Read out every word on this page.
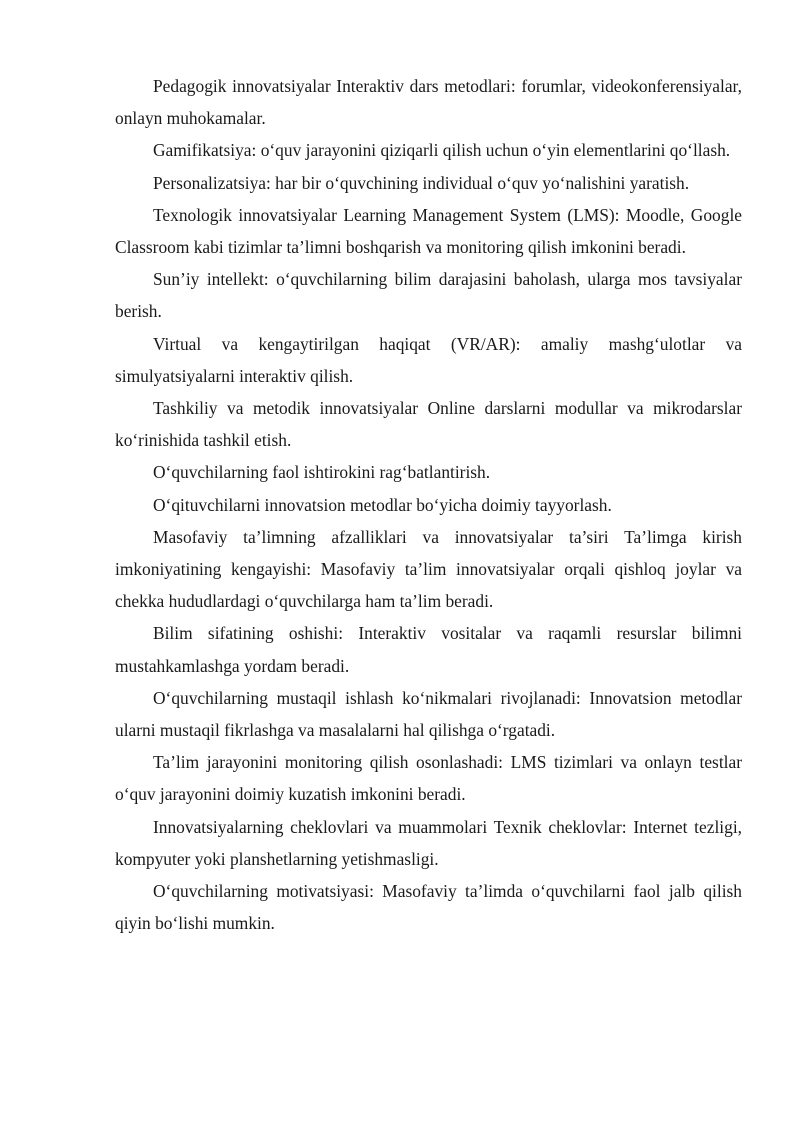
Pedagogik innovatsiyalar Interaktiv dars metodlari: forumlar, videokonferensiyalar, onlayn muhokamalar.

Gamifikatsiya: o‘quv jarayonini qiziqarli qilish uchun o‘yin elementlarini qo‘llash.

Personalizatsiya: har bir o‘quvchining individual o‘quv yo‘nalishini yaratish.

Texnologik innovatsiyalar Learning Management System (LMS): Moodle, Google Classroom kabi tizimlar ta’limni boshqarish va monitoring qilish imkonini beradi.

Sun’iy intellekt: o‘quvchilarning bilim darajasini baholash, ularga mos tavsiyalar berish.

Virtual va kengaytirilgan haqiqat (VR/AR): amaliy mashg‘ulotlar va simulyatsiyalarni interaktiv qilish.

Tashkiliy va metodik innovatsiyalar Online darslarni modullar va mikrodarslar ko‘rinishida tashkil etish.

O‘quvchilarning faol ishtirokini rag‘batlantirish.

O‘qituvchilarni innovatsion metodlar bo‘yicha doimiy tayyorlash.

Masofaviy ta’limning afzalliklari va innovatsiyalar ta’siri Ta’limga kirish imkoniyatining kengayishi: Masofaviy ta’lim innovatsiyalar orqali qishloq joylar va chekka hududlardagi o‘quvchilarga ham ta’lim beradi.

Bilim sifatining oshishi: Interaktiv vositalar va raqamli resurslar bilimni mustahkamlashga yordam beradi.

O‘quvchilarning mustaqil ishlash ko‘nikmalari rivojlanadi: Innovatsion metodlar ularni mustaqil fikrlashga va masalalarni hal qilishga o‘rgatadi.

Ta’lim jarayonini monitoring qilish osonlashadi: LMS tizimlari va onlayn testlar o‘quv jarayonini doimiy kuzatish imkonini beradi.

Innovatsiyalarning cheklovlari va muammolari Texnik cheklovlar: Internet tezligi, kompyuter yoki planshetlarning yetishmasligi.

O‘quvchilarning motivatsiyasi: Masofaviy ta’limda o‘quvchilarni faol jalb qilish qiyin bo‘lishi mumkin.
